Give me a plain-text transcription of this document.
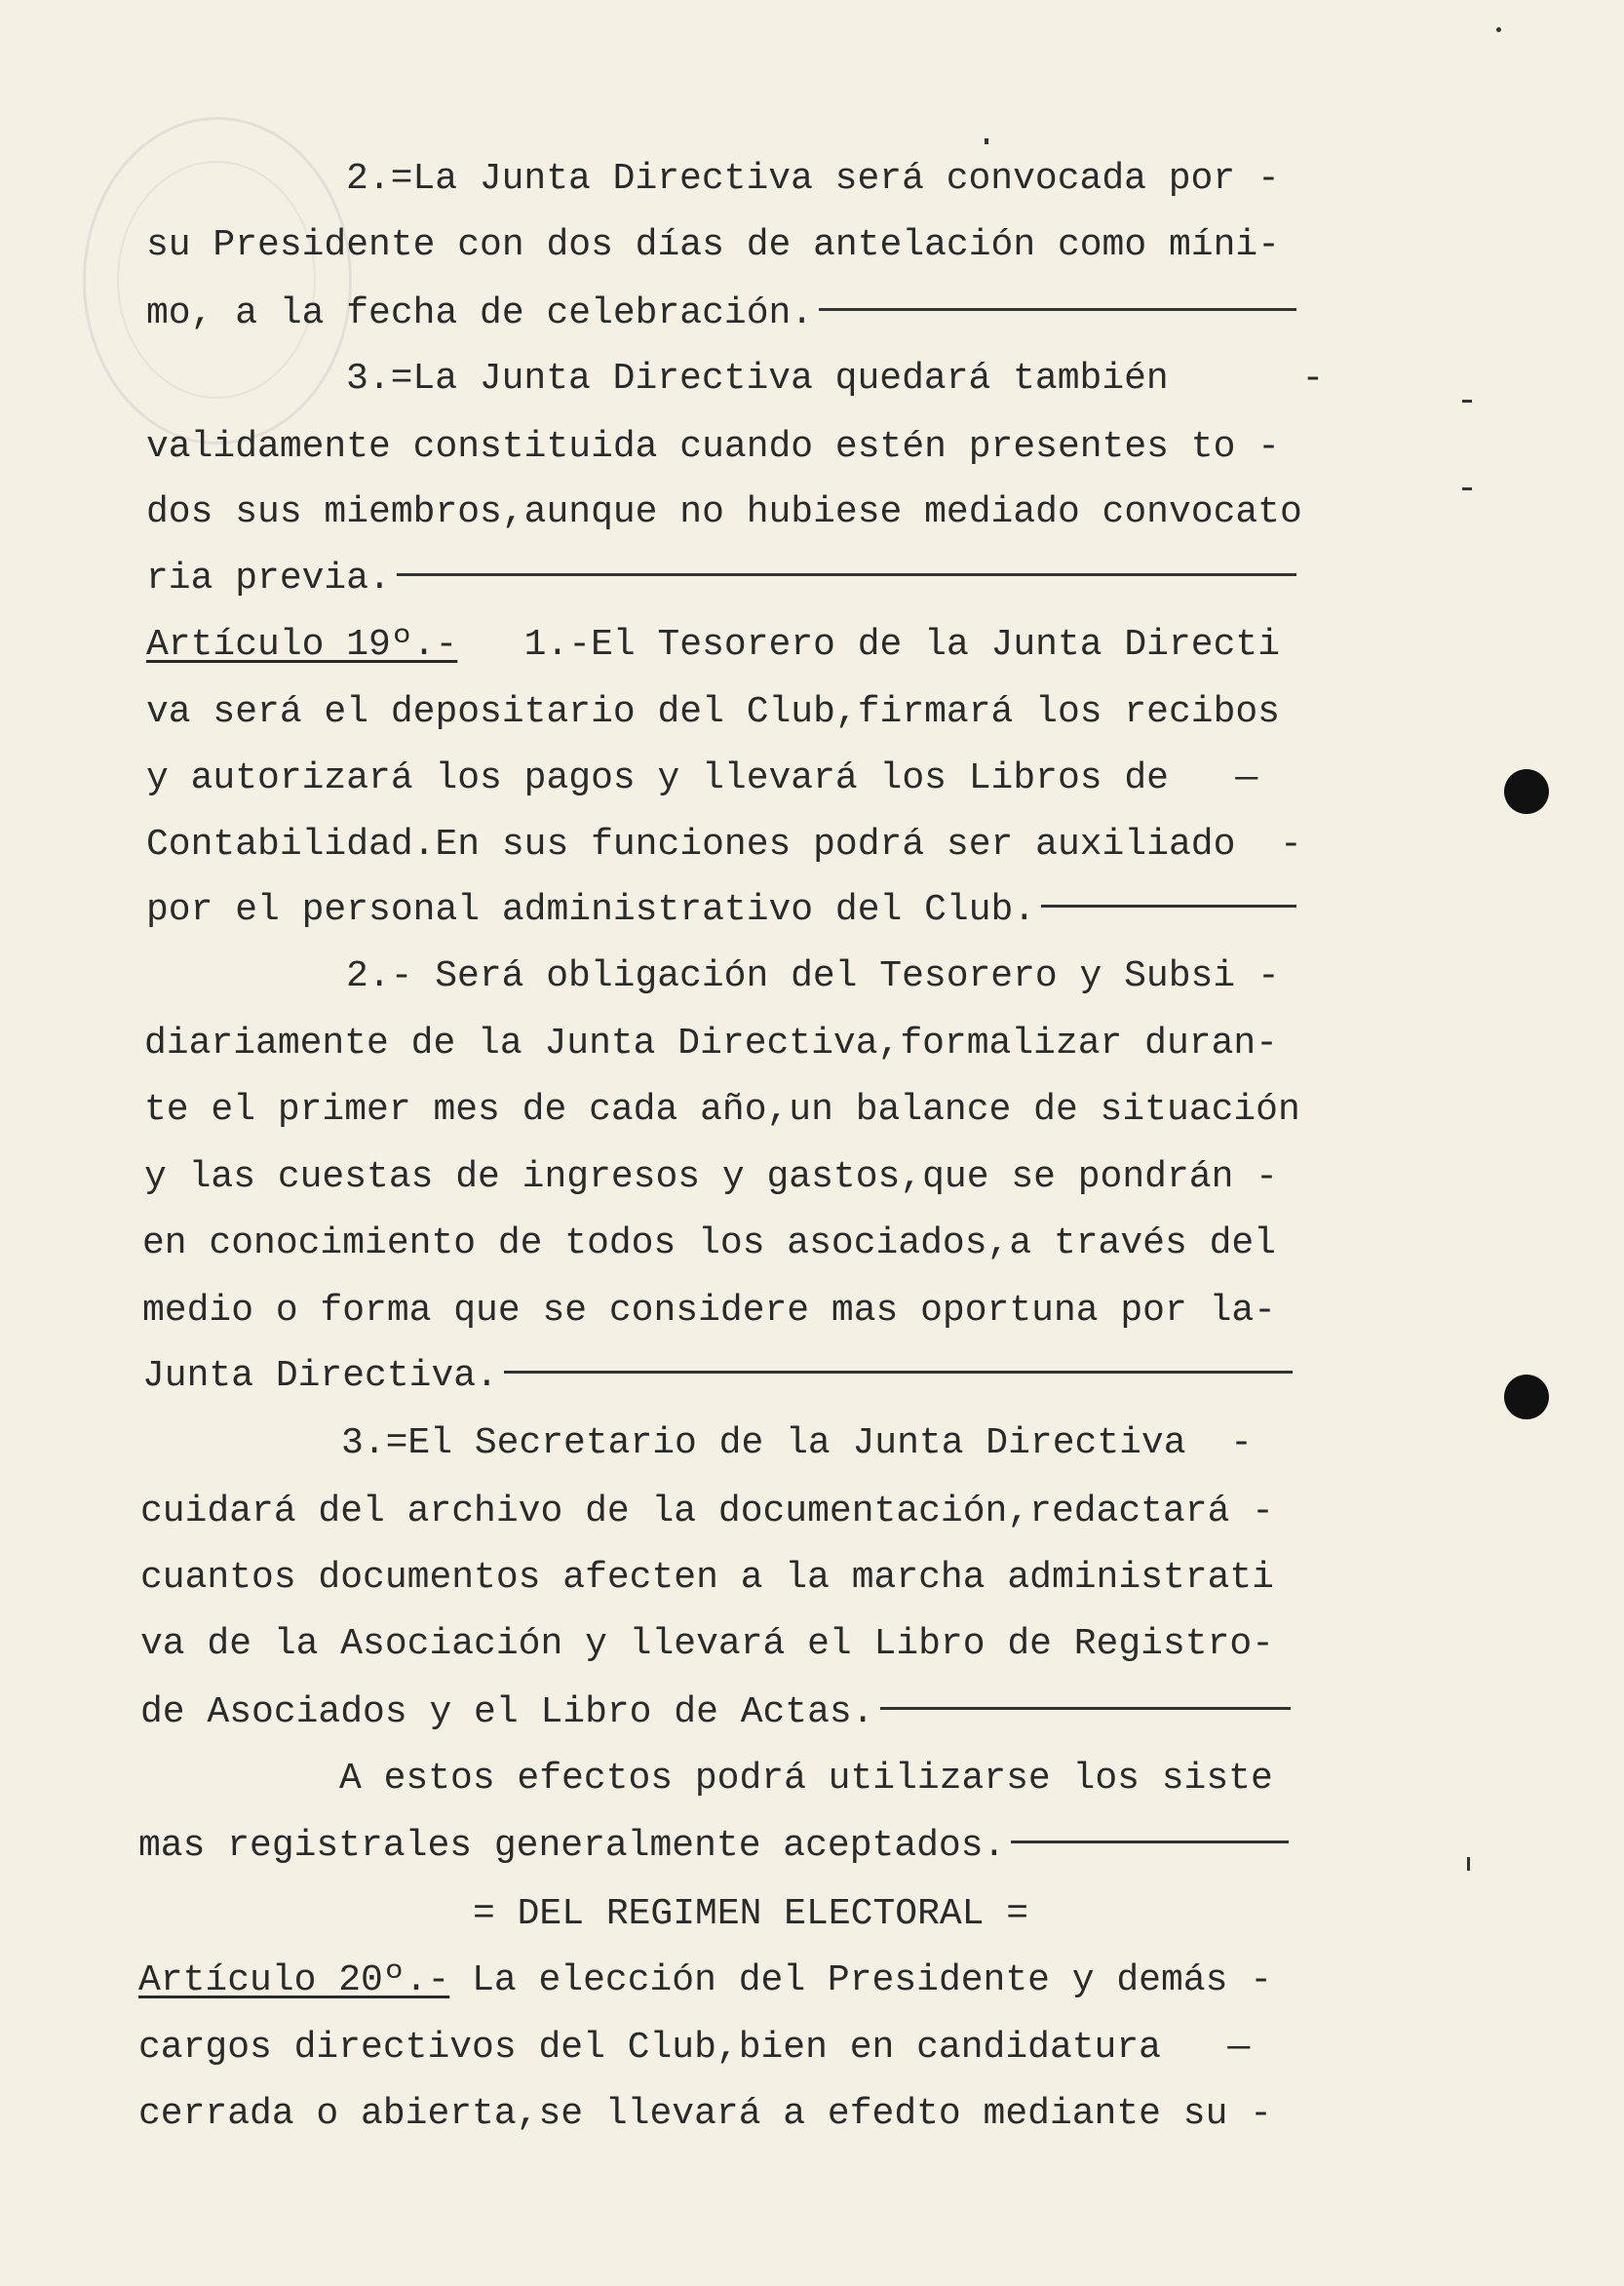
2.=La Junta Directiva será convocada por -
su Presidente con dos días de antelación como míni-
mo, a la fecha de celebración.
3.=La Junta Directiva quedará también      -
validamente constituida cuando estén presentes to -
dos sus miembros,aunque no hubiese mediado convocato
ria previa.
Artículo 19º.- 1.-El Tesorero de la Junta Directi
va será el depositario del Club,firmará los recibos
y autorizará los pagos y llevará los Libros de   —
Contabilidad.En sus funciones podrá ser auxiliado  -
por el personal administrativo del Club.
2.- Será obligación del Tesorero y Subsi -
diariamente de la Junta Directiva,formalizar duran-
te el primer mes de cada año,un balance de situación
y las cuestas de ingresos y gastos,que se pondrán -
en conocimiento de todos los asociados,a través del
medio o forma que se considere mas oportuna por la-
Junta Directiva.
3.=El Secretario de la Junta Directiva  -
cuidará del archivo de la documentación,redactará -
cuantos documentos afecten a la marcha administrati
va de la Asociación y llevará el Libro de Registro-
de Asociados y el Libro de Actas.
A estos efectos podrá utilizarse los siste
mas registrales generalmente aceptados.
= DEL REGIMEN ELECTORAL =
Artículo 20º.- La elección del Presidente y demás -
cargos directivos del Club,bien en candidatura   —
cerrada o abierta,se llevará a efedto mediante su -
